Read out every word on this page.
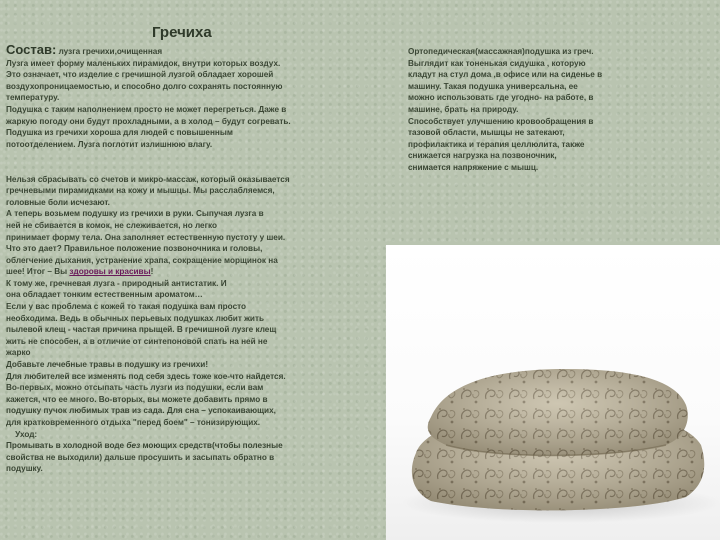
Гречиха

Состав: лузга гречихи,очищенная

Лузга имеет форму маленьких пирамидок, внутри которых воздух.

Это означает, что изделие с гречишной лузгой обладает хорошей

воздухопроницаемостью, и способно долго сохранять постоянную

температуру.

Подушка с таким наполнением просто не может перегреться. Даже в

жаркую погоду они будут прохладными, а в холод – будут согревать.

Подушка из гречихи хороша для людей с повышенным

потоотделением. Лузга поглотит излишнюю влагу.

Нельзя сбрасывать со счетов и микро-массаж, который оказывается

гречневыми пирамидками на кожу и мышцы. Мы расслабляемся,

головные боли исчезают.

А теперь возьмем подушку из гречихи в руки. Сыпучая лузга в

ней не сбивается в комок, не слеживается, но легко

принимает форму тела. Она заполняет естественную пустоту у шеи.

Что это дает? Правильное положение позвоночника и головы,

облегчение дыхания, устранение храпа, сокращение морщинок на

шее! Итог – Вы здоровы и красивы!

К тому же, гречневая лузга - природный антистатик. И

она обладает тонким естественным ароматом…

Если у вас проблема с кожей то такая подушка вам просто

необходима. Ведь в обычных перьевых подушках любит жить

пылевой клещ - частая причина прыщей. В гречишной лузге клещ

жить не способен, а в отличие от синтепоновой спать на ней не

жарко

Добавьте лечебные травы в подушку из гречихи!

Для любителей все изменять под себя здесь тоже кое-что найдется.

Во-первых, можно отсыпать часть лузги из подушки, если вам

кажется, что ее много. Во-вторых, вы можете добавить прямо в

подушку пучок любимых трав из сада. Для сна – успокаивающих,

для кратковременного отдыха "перед боем" – тонизирующих.

Уход:

Промывать в холодной воде без моющих средств(чтобы полезные

свойства не выходили) дальше просушить и засыпать обратно в

подушку.

Ортопедическая(массажная)подушка из греч.
Выглядит как тоненькая сидушка , которую
кладут на стул дома ,в офисе или на сиденье в
машину. Такая подушка универсальна, ее
можно использовать где угодно- на работе, в
машине, брать на природу.
Способствует улучшению кровообращения в
тазовой области, мышцы не затекают,
профилактика и терапия целлюлита, также
снижается нагрузка на позвоночник,
снимается напряжение с мышц.
